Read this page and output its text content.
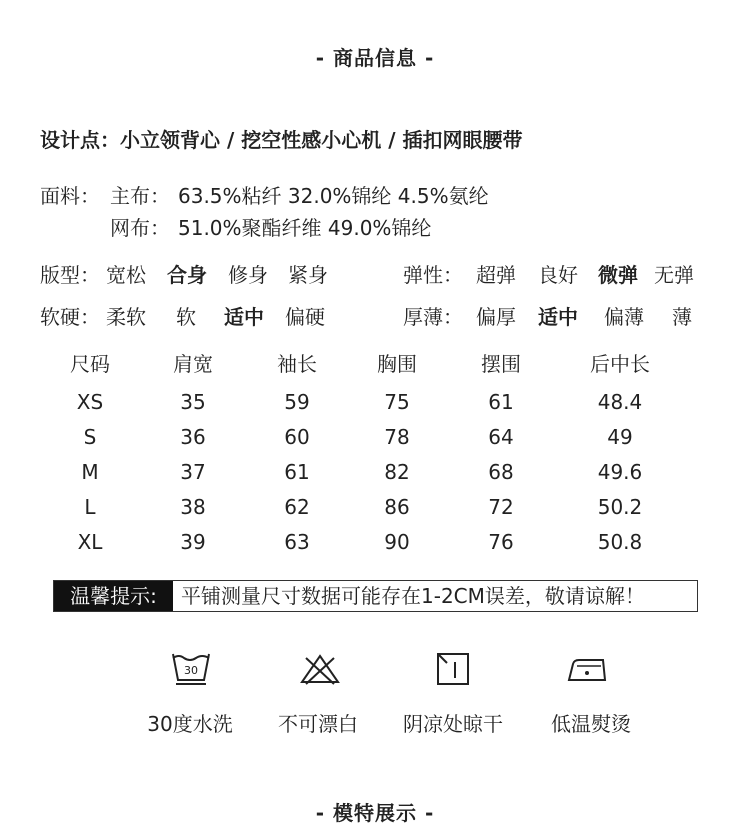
- 商品信息 -
设计点：小立领背心 / 挖空性感小心机 / 插扣网眼腰带
面料： 主布： 63.5%粘纤 32.0%锦纶 4.5%氨纶
网布： 51.0%聚酯纤维 49.0%锦纶
版型： 宽松 合身 修身 紧身	弹性： 超弹 良好 微弹 无弹
软硬： 柔软 软 适中 偏硬	厚薄： 偏厚 适中 偏薄 薄
尺码	肩宽	袖长	胸围	摆围	后中长
XS	35	59	75	61	48.4
S	36	60	78	64	49
M	37	61	82	68	49.6
L	38	62	86	72	50.2
XL	39	63	90	76	50.8
温馨提示:	平铺测量尺寸数据可能存在1-2CM误差，敬请谅解！
30
30度水洗	不可漂白	阴凉处晾干	低温熨烫
- 模特展示 -
